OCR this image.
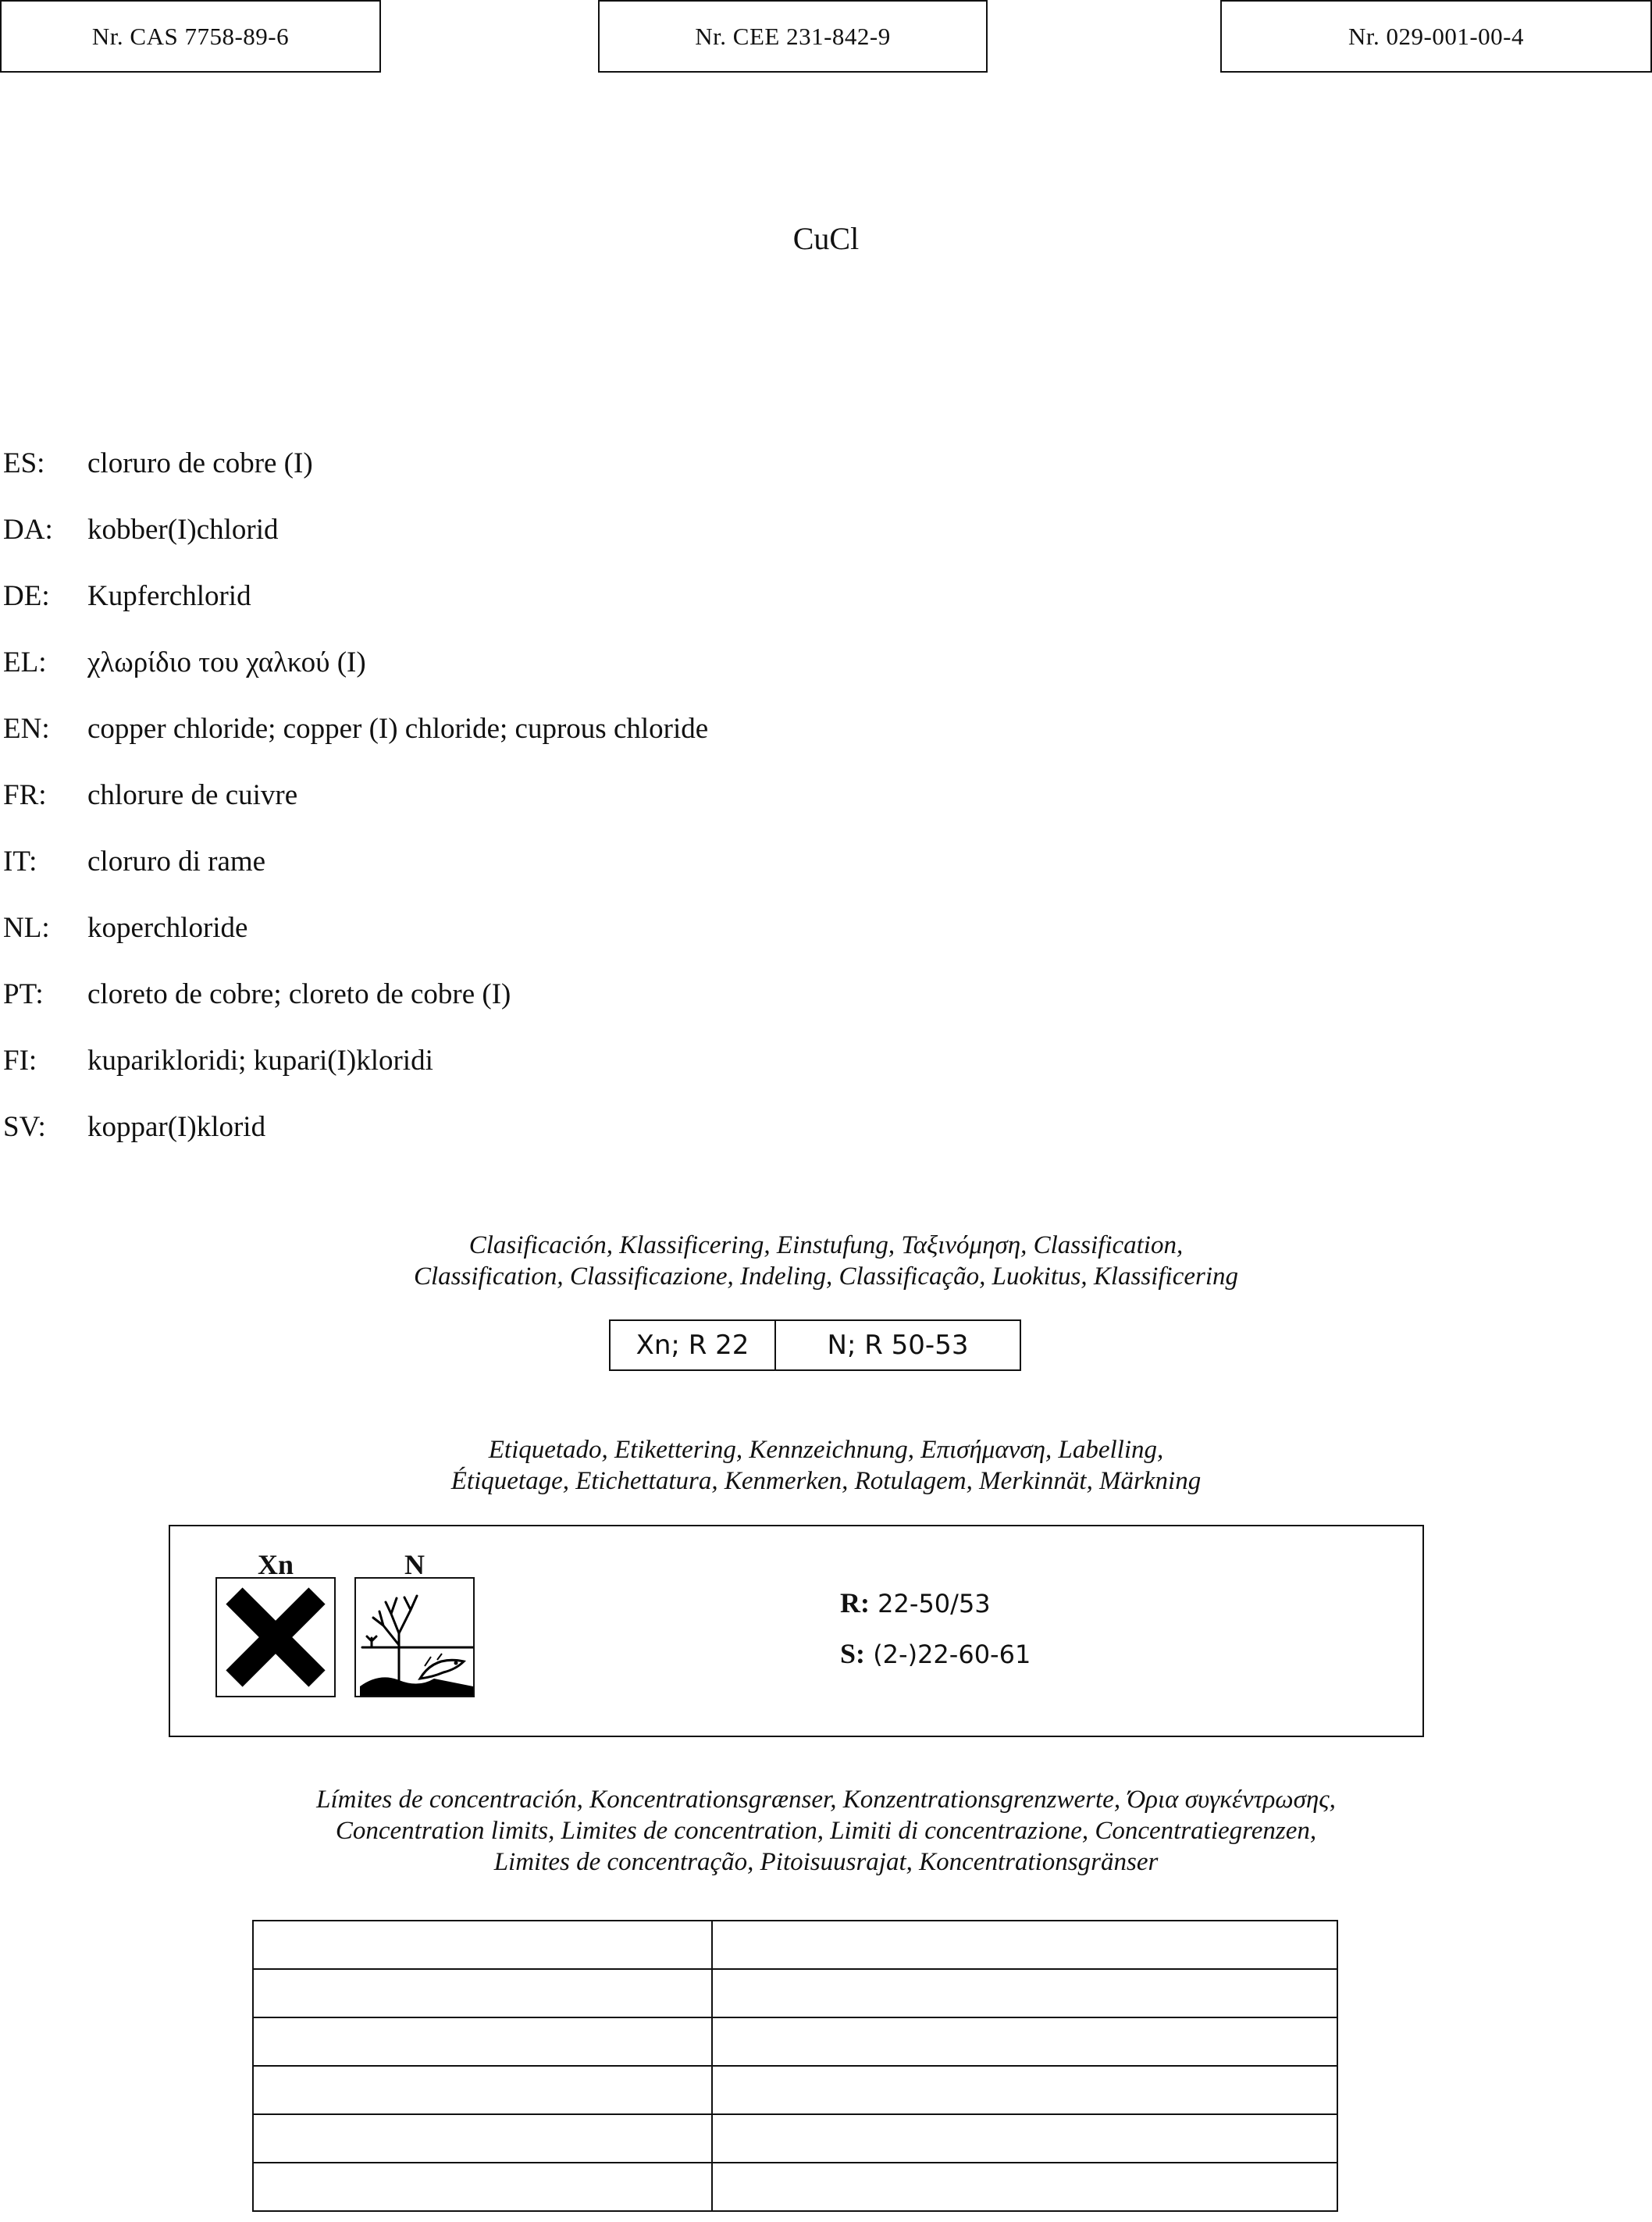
Nr. CAS 7758-89-6	Nr. CEE 231-842-9	Nr. 029-001-00-4
CuCl
ES:	cloruro de cobre (I)
DA:	kobber(I)chlorid
DE:	Kupferchlorid
EL:	χλωρίδιο του χαλκού (I)
EN:	copper chloride; copper (I) chloride; cuprous chloride
FR:	chlorure de cuivre
IT:	cloruro di rame
NL:	koperchloride
PT:	cloreto de cobre; cloreto de cobre (I)
FI:	kuparikloridi; kupari(I)kloridi
SV:	koppar(I)klorid
Clasificación, Klassificering, Einstufung, Ταξινόμηση, Classification,
Classification, Classificazione, Indeling, Classificação, Luokitus, Klassificering
Xn; R 22	N; R 50-53
Etiquetado, Etikettering, Kennzeichnung, Επισήμανση, Labelling,
Étiquetage, Etichettatura, Kenmerken, Rotulagem, Merkinnät, Märkning
Xn	N
R: 22-50/53
S: (2-)22-60-61
Límites de concentración, Koncentrationsgrænser, Konzentrationsgrenzwerte, Όρια συγκέντρωσης,
Concentration limits, Limites de concentration, Limiti di concentrazione, Concentratiegrenzen,
Limites de concentração, Pitoisuusrajat, Koncentrationsgränser
